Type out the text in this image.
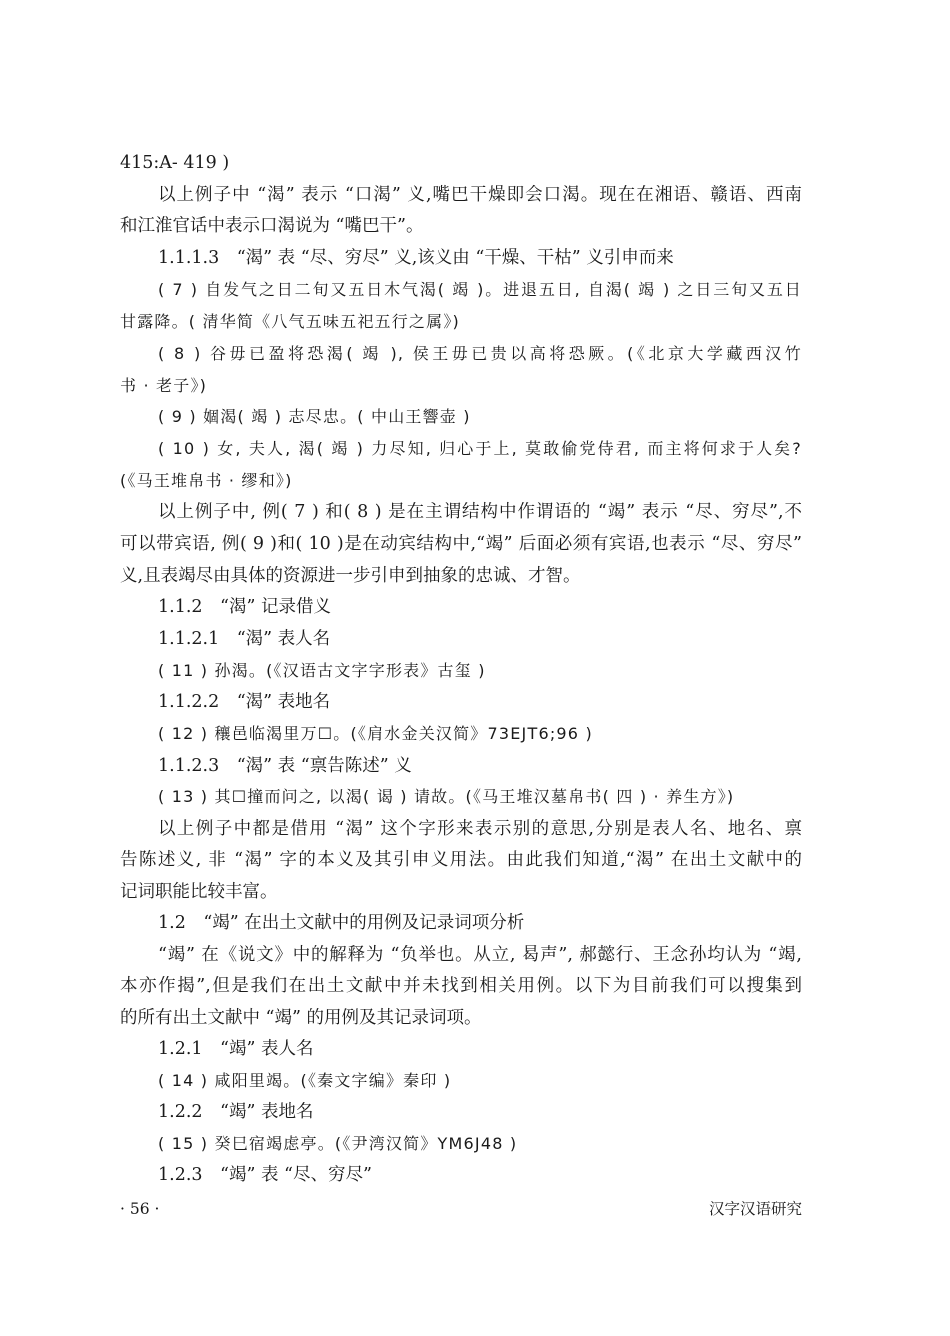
415:A- 419 )
以上例子中 “渴” 表示 “口渴” 义,嘴巴干燥即会口渴。现在在湘语、赣语、西南
和江淮官话中表示口渴说为 “嘴巴干”。
1.1.1.3　“渴” 表 “尽、穷尽” 义,该义由 “干燥、干枯” 义引申而来
( 7 ) 自发气之日二旬又五日木气渴( 竭 )。进退五日, 自渴( 竭 ) 之日三旬又五日
甘露降。( 清华简《八气五味五祀五行之属》)
( 8 ) 谷毋已盈将恐渴( 竭 ), 侯王毋已贵以高将恐厥。(《北京大学藏西汉竹
书 · 老子》)
( 9 ) 婟渴( 竭 ) 志尽忠。( 中山王響壶 )
( 10 ) 女, 夫人, 渴( 竭 ) 力尽知, 归心于上, 莫敢偷党侍君, 而主将何求于人矣?
(《马王堆帛书 · 缪和》)
以上例子中, 例( 7 ) 和( 8 ) 是在主谓结构中作谓语的 “竭” 表示 “尽、穷尽”,不
可以带宾语, 例( 9 )和( 10 )是在动宾结构中,“竭” 后面必须有宾语,也表示 “尽、穷尽”
义,且表竭尽由具体的资源进一步引申到抽象的忠诚、才智。
1.1.2　“渴” 记录借义
1.1.2.1　“渴” 表人名
( 11 ) 孙渴。(《汉语古文字字形表》古玺 )
1.1.2.2　“渴” 表地名
( 12 ) 穰邑临渴里万☐。(《肩水金关汉简》73EJT6;96 )
1.1.2.3　“渴” 表 “禀告陈述” 义
( 13 ) 其☐撞而问之, 以渴( 谒 ) 请故。(《马王堆汉墓帛书( 四 ) · 养生方》)
以上例子中都是借用 “渴” 这个字形来表示别的意思,分别是表人名、地名、禀
告陈述义, 非 “渴” 字的本义及其引申义用法。由此我们知道,“渴” 在出土文献中的
记词职能比较丰富。
1.2　“竭” 在出土文献中的用例及记录词项分析
“竭” 在《说文》中的解释为 “负举也。从立, 曷声”, 郝懿行、王念孙均认为 “竭,
本亦作揭”,但是我们在出土文献中并未找到相关用例。以下为目前我们可以搜集到
的所有出土文献中 “竭” 的用例及其记录词项。
1.2.1　“竭” 表人名
( 14 ) 咸阳里竭。(《秦文字编》秦印 )
1.2.2　“竭” 表地名
( 15 ) 癸巳宿竭虑亭。(《尹湾汉简》YM6J48 )
1.2.3　“竭” 表 “尽、穷尽”
· 56 ·	汉字汉语研究
